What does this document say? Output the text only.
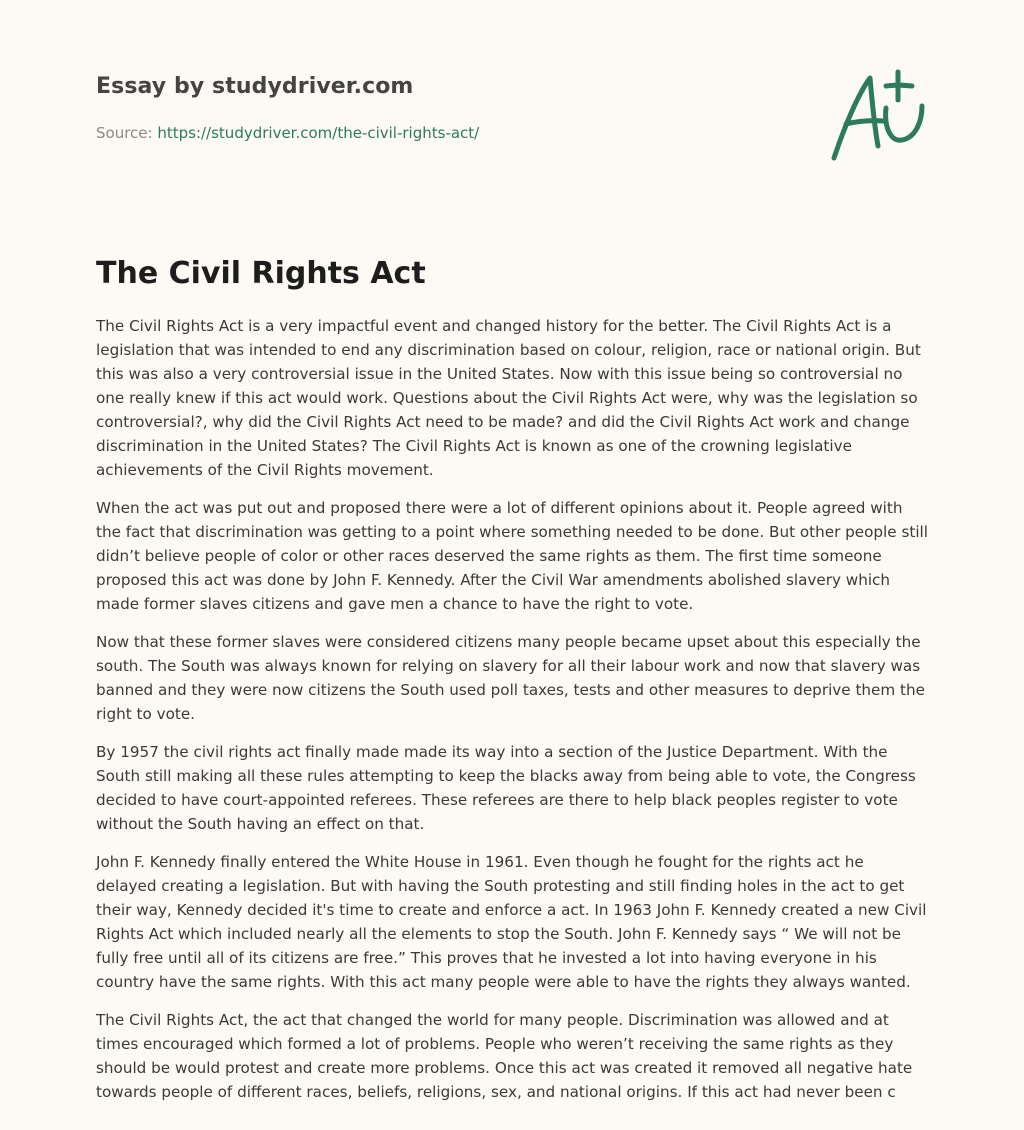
Essay by studydriver.com
Source: https://studydriver.com/the-civil-rights-act/
The Civil Rights Act

The Civil Rights Act is a very impactful event and changed history for the better. The Civil Rights Act is a legislation that was intended to end any discrimination based on colour, religion, race or national origin. But this was also a very controversial issue in the United States. Now with this issue being so controversial no one really knew if this act would work. Questions about the Civil Rights Act were, why was the legislation so controversial?, why did the Civil Rights Act need to be made? and did the Civil Rights Act work and change discrimination in the United States? The Civil Rights Act is known as one of the crowning legislative achievements of the Civil Rights movement.

When the act was put out and proposed there were a lot of different opinions about it. People agreed with the fact that discrimination was getting to a point where something needed to be done. But other people still didn’t believe people of color or other races deserved the same rights as them. The first time someone proposed this act was done by John F. Kennedy. After the Civil War amendments abolished slavery which made former slaves citizens and gave men a chance to have the right to vote.

Now that these former slaves were considered citizens many people became upset about this especially the south. The South was always known for relying on slavery for all their labour work and now that slavery was banned and they were now citizens the South used poll taxes, tests and other measures to deprive them the right to vote.

By 1957 the civil rights act finally made made its way into a section of the Justice Department. With the South still making all these rules attempting to keep the blacks away from being able to vote, the Congress decided to have court-appointed referees. These referees are there to help black peoples register to vote without the South having an effect on that.

John F. Kennedy finally entered the White House in 1961. Even though he fought for the rights act he delayed creating a legislation. But with having the South protesting and still finding holes in the act to get their way, Kennedy decided it's time to create and enforce a act. In 1963 John F. Kennedy created a new Civil Rights Act which included nearly all the elements to stop the South. John F. Kennedy says “ We will not be fully free until all of its citizens are free.” This proves that he invested a lot into having everyone in his country have the same rights. With this act many people were able to have the rights they always wanted.

The Civil Rights Act, the act that changed the world for many people. Discrimination was allowed and at times encouraged which formed a lot of problems. People who weren’t receiving the same rights as they should be would protest and create more problems. Once this act was created it removed all negative hate towards people of different races, beliefs, religions, sex, and national origins. If this act had never been c
